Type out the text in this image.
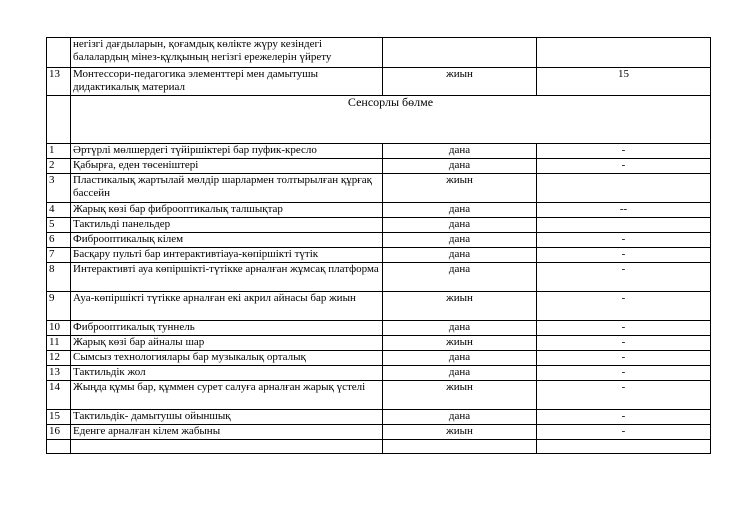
	негізгі дағдыларын, қоғамдық көлікте жүру кезіндегі балалардың мінез-құлқының негізгі ережелерін үйрету		
13	Монтессори-педагогика элементтері мен дамытушы дидактикалық материал	жиын	15
	Сенсорлы бөлме		
1	Әртүрлі мөлшердегі түйіршіктері бар пуфик-кресло	дана	-
2	Қабырға, еден төсеніштері	дана	-
3	Пластикалық жартылай мөлдір шарлармен толтырылған құрғақ бассейн	жиын	
4	Жарық көзі бар фиброоптикалық талшықтар	дана	--
5	Тактильді панельдер	дана	
6	Фиброоптикалық кілем	дана	-
7	Басқару пульті бар интерактивтіауа-көпіршікті түтік	дана	-
8	Интерактивті ауа көпіршікті-түтікке арналған жұмсақ платформа	дана	-
9	Ауа-көпіршікті түтікке арналған екі акрил айнасы бар жиын	жиын	-
10	Фиброоптикалық туннель	дана	-
11	Жарық көзі бар айналы шар	жиын	-
12	Сымсыз технологиялары бар музыкалық орталық	дана	-
13	Тактильдік жол	дана	-
14	Жыңда құмы бар, құммен сурет салуға арналған жарық үстелі	жиын	-
15	Тактильдік- дамытушы ойыншық	дана	-
16	Еденге арналған кілем жабыны	жиын	-
